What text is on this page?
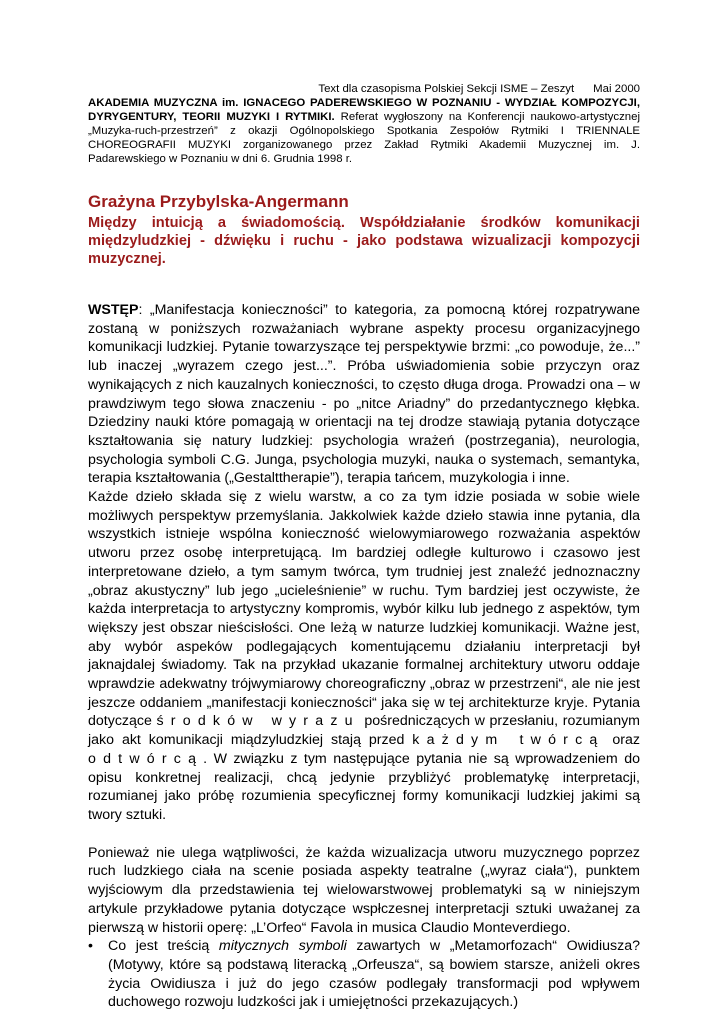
Text dla czasopisma Polskiej Sekcji ISME – Zeszyt      Mai 2000

AKADEMIA MUZYCZNA im. IGNACEGO PADEREWSKIEGO W POZNANIU - WYDZIAŁ KOMPOZYCJI, DYRYGENTURY, TEORII MUZYKI I RYTMIKI. Referat wygłoszony na Konferencji naukowo-artystycznej „Muzyka-ruch-przestrzeń” z okazji Ogólnopolskiego Spotkania Zespołów Rytmiki I TRIENNALE CHOREOGRAFII MUZYKI zorganizowanego przez Zakład Rytmiki Akademii Muzycznej im. J. Padarewskiego w Poznaniu w dni 6. Grudnia 1998 r.

Grażyna Przybylska-Angermann

Między intuicją a świadomością. Współdziałanie środków komunikacji międzyludzkiej - dźwięku i ruchu - jako podstawa wizualizacji kompozycji muzycznej.

WSTĘP: „Manifestacja konieczności” to kategoria, za pomocną której rozpatrywane zostaną w poniższych rozważaniach wybrane aspekty procesu organizacyjnego komunikacji ludzkiej. Pytanie towarzyszące tej perspektywie brzmi: „co powoduje, że...” lub inaczej „wyrazem czego jest...”. Próba uświadomienia sobie przyczyn oraz wynikających z nich kauzalnych konieczności, to często długa droga. Prowadzi ona – w prawdziwym tego słowa znaczeniu - po „nitce Ariadny” do przedantycznego kłębka. Dziedziny nauki które pomagają w orientacji na tej drodze stawiają pytania dotyczące kształtowania się natury ludzkiej: psychologia wrażeń (postrzegania), neurologia, psychologia symboli C.G. Junga, psychologia muzyki, nauka o systemach, semantyka, terapia kształtowania („Gestalttherapie”), terapia tańcem, muzykologia i inne.

Każde dzieło składa się z wielu warstw, a co za tym idzie posiada w sobie wiele możliwych perspektyw przemyślania. Jakkolwiek każde dzieło stawia inne pytania, dla wszystkich istnieje wspólna konieczność wielowymiarowego rozważania aspektów utworu przez osobę interpretującą. Im bardziej odległe kulturowo i czasowo jest interpretowane dzieło, a tym samym twórca, tym trudniej jest znaleźć jednoznaczny „obraz akustyczny” lub jego „ucieleśnienie” w ruchu. Tym bardziej jest oczywiste, że każda interpretacja to artystyczny kompromis, wybór kilku lub jednego z aspektów, tym większy jest obszar nieścisłości. One leżą w naturze ludzkiej komunikacji. Ważne jest, aby wybór aspeków podlegających komentującemu działaniu interpretacji był jaknajdalej świadomy. Tak na przykład ukazanie formalnej architektury utworu oddaje wprawdzie adekwatny trójwymiarowy choreograficzny „obraz w przestrzeni“, ale nie jest jeszcze oddaniem „manifestacji konieczności“ jaka się w tej architekturze kryje. Pytania dotyczące środków wyrazu pośredniczących w przesłaniu, rozumianym jako akt komunikacji miądzyludzkiej stają przed każdym twórcą oraz odtwórcą. W związku z tym następujące pytania nie są wprowadzeniem do opisu konkretnej realizacji, chcą jedynie przybliżyć problematykę interpretacji, rozumianej jako próbę rozumienia specyficznej formy komunikacji ludzkiej jakimi są twory sztuki.

Ponieważ nie ulega wątpliwości, że każda wizualizacja utworu muzycznego poprzez ruch ludzkiego ciała na scenie posiada aspekty teatralne („wyraz ciała“), punktem wyjściowym dla przedstawienia tej wielowarstwowej problematyki są w niniejszym artykule przykładowe pytania dotyczące wspłczesnej interpretacji sztuki uważanej za pierwszą w historii operę: „L’Orfeo“ Favola in musica Claudio Monteverdiego.

• Co jest treścią mitycznych symboli zawartych w „Metamorfozach“ Owidiusza? (Motywy, które są podstawą literacką „Orfeusza“, są bowiem starsze, aniżeli okres życia Owidiusza i już do jego czasów podlegały transformacji pod wpływem duchowego rozwoju ludzkości jak i umiejętności przekazujących.)
